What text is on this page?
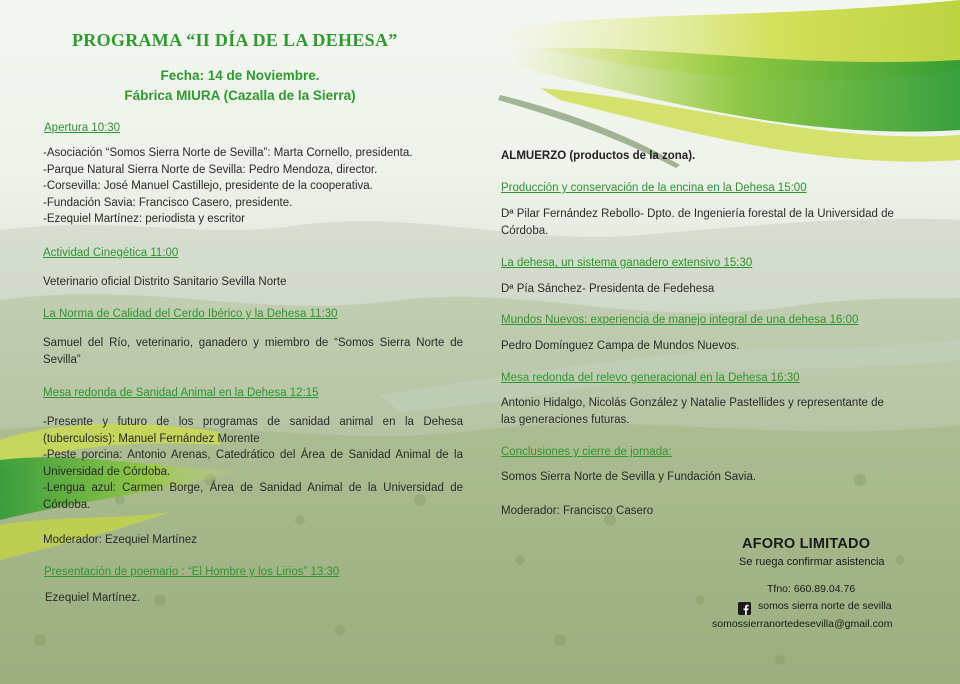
PROGRAMA “II DÍA DE LA DEHESA”
Fecha: 14 de Noviembre.
Fábrica MIURA (Cazalla de la Sierra)
Apertura 10:30
-Asociación “Somos Sierra Norte de Sevilla”: Marta Cornello, presidenta.
-Parque Natural Sierra Norte de Sevilla: Pedro Mendoza, director.
-Corsevilla: José Manuel Castillejo, presidente de la cooperativa.
-Fundación Savia: Francisco Casero, presidente.
-Ezequiel Martínez: periodista y escritor
Actividad Cinegética 11:00
Veterinario oficial Distrito Sanitario Sevilla Norte
La Norma de Calidad del Cerdo Ibérico y la Dehesa 11:30
Samuel del Río, veterinario, ganadero y miembro de “Somos Sierra Norte de Sevilla”
Mesa redonda de Sanidad Animal en la Dehesa 12:15
-Presente y futuro de los programas de sanidad animal en la Dehesa (tuberculosis): Manuel Fernández Morente
-Peste porcina: Antonio Arenas, Catedrático del Área de Sanidad Animal de la Universidad de Córdoba.
-Lengua azul: Carmen Borge, Área de Sanidad Animal de la Universidad de Córdoba.
Moderador: Ezequiel Martínez
Presentación de poemario : “El Hombre y los Lirios” 13:30
Ezequiel Martínez.
ALMUERZO (productos de la zona).
Producción y conservación de la encina en la Dehesa 15:00
Dª Pilar Fernández Rebollo- Dpto. de Ingeniería forestal de la Universidad de Córdoba.
La dehesa, un sistema ganadero extensivo 15:30
Dª Pía Sánchez- Presidenta de Fedehesa
Mundos Nuevos: experiencia de manejo integral de una dehesa 16:00
Pedro Domínguez Campa de Mundos Nuevos.
Mesa redonda del relevo generacional en la Dehesa 16:30
Antonio Hidalgo, Nicolás González y Natalie Pastellides y representante de las generaciones futuras.
Conclusiones y cierre de jornada:
Somos Sierra Norte de Sevilla y Fundación Savia.
Moderador: Francisco Casero
AFORO LIMITADO
Se ruega confirmar asistencia
Tfno: 660.89.04.76
somos sierra norte de sevilla
somossierranortedesevilla@gmail.com
